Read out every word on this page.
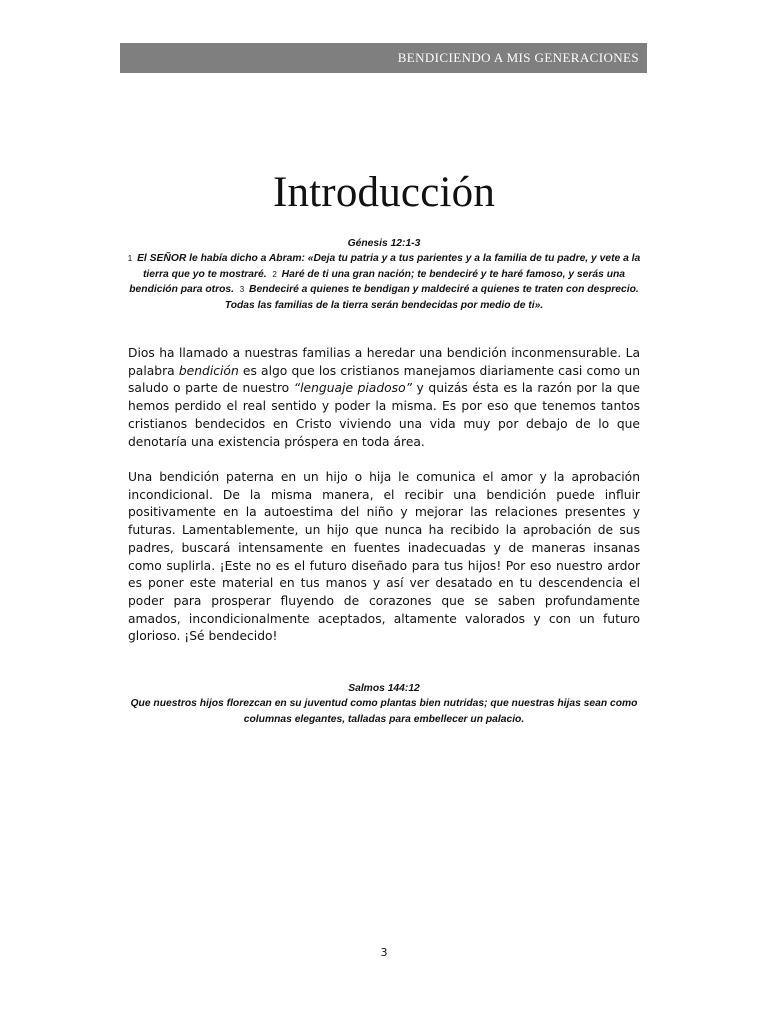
BENDICIENDO A MIS GENERACIONES
Introducción
Génesis 12:1-3
1 El SEÑOR le había dicho a Abram: «Deja tu patria y a tus parientes y a la familia de tu padre, y vete a la tierra que yo te mostraré. 2 Haré de ti una gran nación; te bendeciré y te haré famoso, y serás una bendición para otros. 3 Bendeciré a quienes te bendigan y maldeciré a quienes te traten con desprecio. Todas las familias de la tierra serán bendecidas por medio de ti».

Dios ha llamado a nuestras familias a heredar una bendición inconmensurable. La palabra bendición es algo que los cristianos manejamos diariamente casi como un saludo o parte de nuestro “lenguaje piadoso” y quizás ésta es la razón por la que hemos perdido el real sentido y poder la misma. Es por eso que tenemos tantos cristianos bendecidos en Cristo viviendo una vida muy por debajo de lo que denotaría una existencia próspera en toda área.

Una bendición paterna en un hijo o hija le comunica el amor y la aprobación incondicional. De la misma manera, el recibir una bendición puede influir positivamente en la autoestima del niño y mejorar las relaciones presentes y futuras. Lamentablemente, un hijo que nunca ha recibido la aprobación de sus padres, buscará intensamente en fuentes inadecuadas y de maneras insanas como suplirla. ¡Este no es el futuro diseñado para tus hijos! Por eso nuestro ardor es poner este material en tus manos y así ver desatado en tu descendencia el poder para prosperar fluyendo de corazones que se saben profundamente amados, incondicionalmente aceptados, altamente valorados y con un futuro glorioso. ¡Sé bendecido!

Salmos 144:12
Que nuestros hijos florezcan en su juventud como plantas bien nutridas; que nuestras hijas sean como columnas elegantes, talladas para embellecer un palacio.
3
